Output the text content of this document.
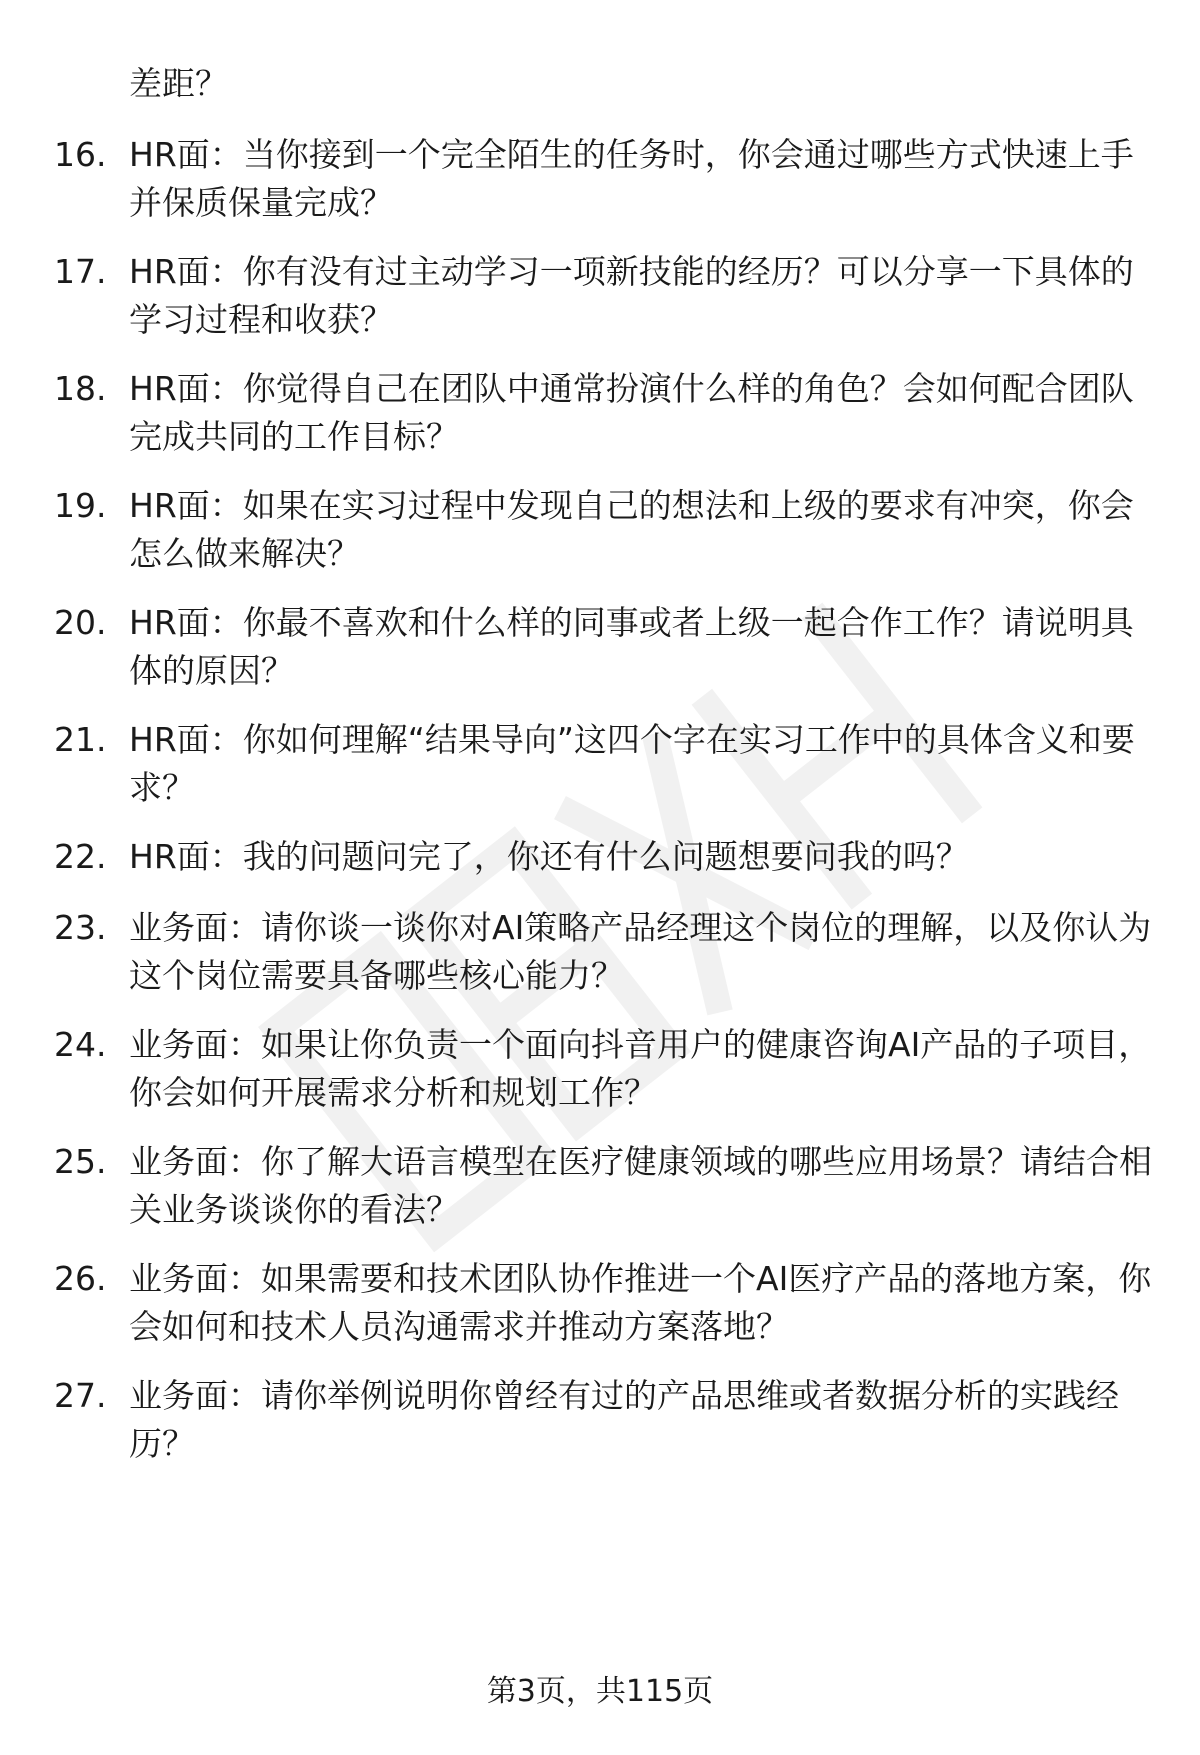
差距？
16. HR面：当你接到一个完全陌生的任务时，你会通过哪些方式快速上手并保质保量完成？
17. HR面：你有没有过主动学习一项新技能的经历？可以分享一下具体的学习过程和收获？
18. HR面：你觉得自己在团队中通常扮演什么样的角色？会如何配合团队完成共同的工作目标？
19. HR面：如果在实习过程中发现自己的想法和上级的要求有冲突，你会怎么做来解决？
20. HR面：你最不喜欢和什么样的同事或者上级一起合作工作？请说明具体的原因？
21. HR面：你如何理解“结果导向”这四个字在实习工作中的具体含义和要求？
22. HR面：我的问题问完了，你还有什么问题想要问我的吗？
23. 业务面：请你谈一谈你对AI策略产品经理这个岗位的理解，以及你认为这个岗位需要具备哪些核心能力？
24. 业务面：如果让你负责一个面向抖音用户的健康咨询AI产品的子项目，你会如何开展需求分析和规划工作？
25. 业务面：你了解大语言模型在医疗健康领域的哪些应用场景？请结合相关业务谈谈你的看法？
26. 业务面：如果需要和技术团队协作推进一个AI医疗产品的落地方案，你会如何和技术人员沟通需求并推动方案落地？
27. 业务面：请你举例说明你曾经有过的产品思维或者数据分析的实践经历？
第3页，共115页
